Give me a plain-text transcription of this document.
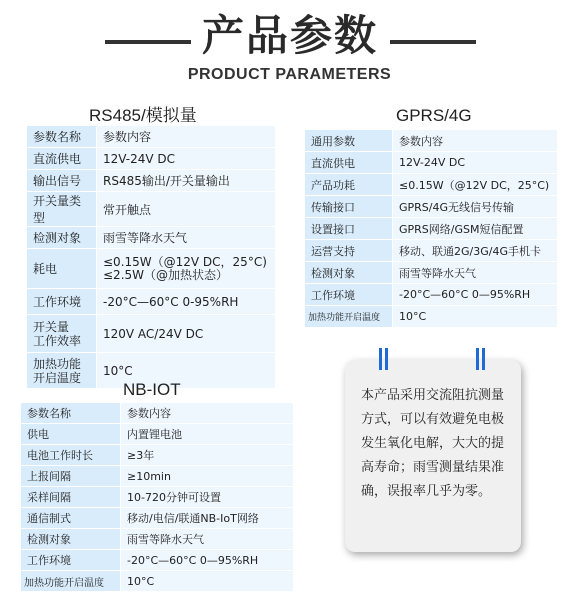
产品参数
PRODUCT PARAMETERS
RS485/模拟量
参数名称	参数内容
直流供电	12V-24V DC
输出信号	RS485输出/开关量输出
开关量类型	常开触点
检测对象	雨雪等降水天气
耗电	≤0.15W（@12V DC，25°C)
≤2.5W（@加热状态）

工作环境	-20°C—60°C 0-95%RH

开关量
工作效率	120V AC/24V DC

加热功能
开启温度	10°C
GPRS/4G
通用参数	参数内容
直流供电	12V-24V DC
产品功耗	≤0.15W（@12V DC，25°C)
传输接口	GPRS/4G无线信号传输
设置接口	GPRS网络/GSM短信配置
运营支持	移动、联通2G/3G/4G手机卡
检测对象	雨雪等降水天气
工作环境	-20°C—60°C 0—95%RH
加热功能开启温度	10°C
NB-IOT
参数名称	参数内容
供电	内置锂电池
电池工作时长	≥3年
上报间隔	≥10min
采样间隔	10-720分钟可设置
通信制式	移动/电信/联通NB-IoT网络
检测对象	雨雪等降水天气
工作环境	-20°C—60°C 0—95%RH
加热功能开启温度	10°C
本产品采用交流阻抗测量方式，可以有效避免电极发生氧化电解，大大的提高寿命；雨雪测量结果准确，误报率几乎为零。
